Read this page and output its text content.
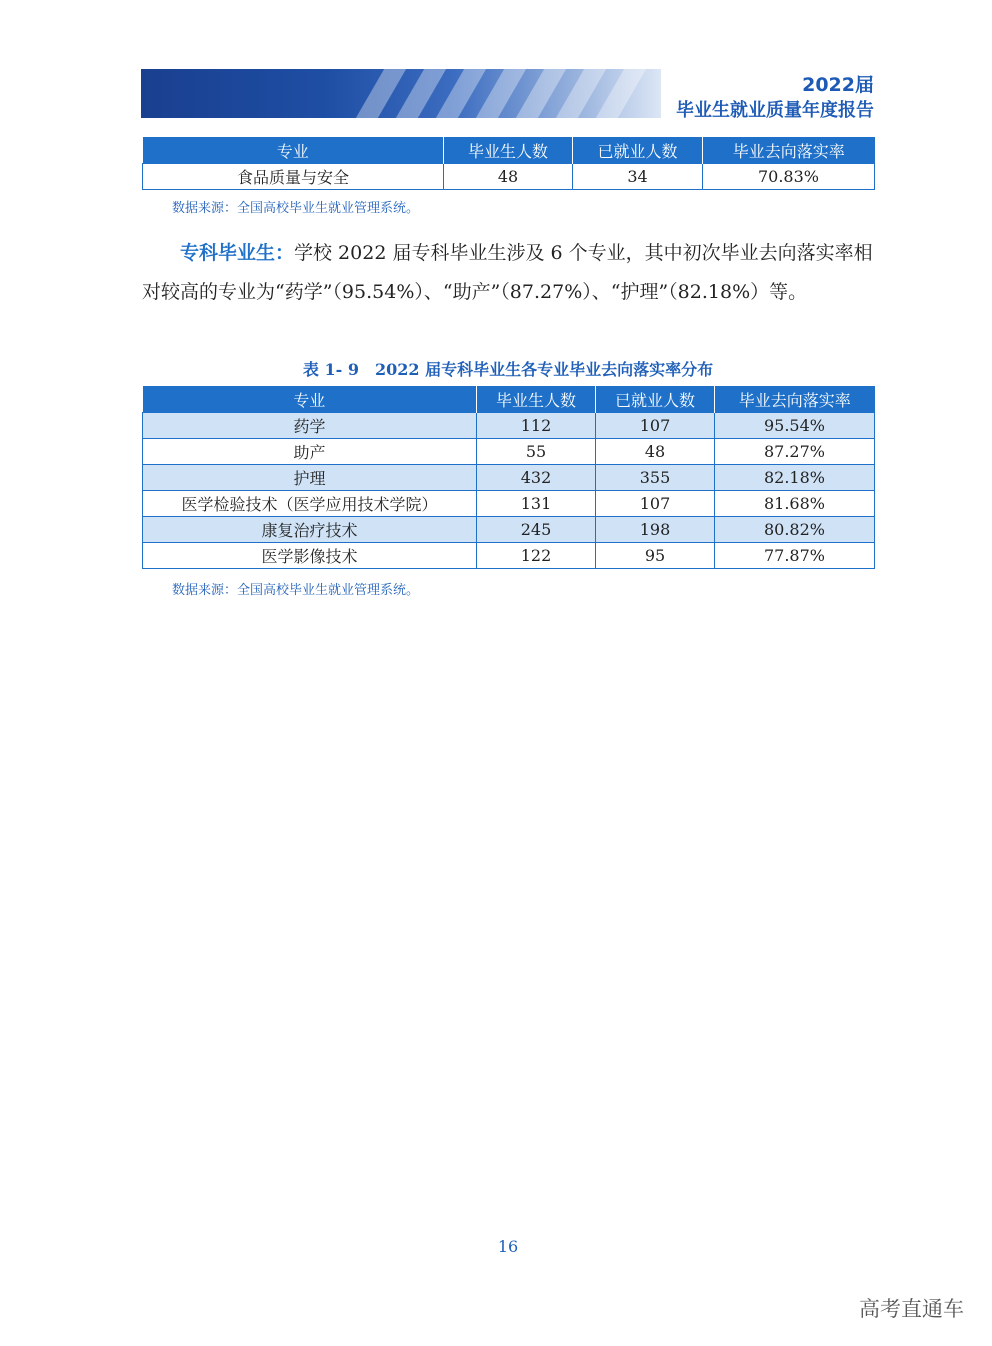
2022届
毕业生就业质量年度报告
专业	毕业生人数	已就业人数	毕业去向落实率
食品质量与安全	48	34	70.83%
数据来源：全国高校毕业生就业管理系统。
专科毕业生：学校 2022 届专科毕业生涉及 6 个专业，其中初次毕业去向落实率相对较高的专业为“药学”（95.54%）、“助产”（87.27%）、“护理”（82.18%）等。
表 1- 9　2022 届专科毕业生各专业毕业去向落实率分布
专业	毕业生人数	已就业人数	毕业去向落实率
药学	112	107	95.54%
助产	55	48	87.27%
护理	432	355	82.18%
医学检验技术（医学应用技术学院）	131	107	81.68%
康复治疗技术	245	198	80.82%
医学影像技术	122	95	77.87%
数据来源：全国高校毕业生就业管理系统。
16
高考直通车
